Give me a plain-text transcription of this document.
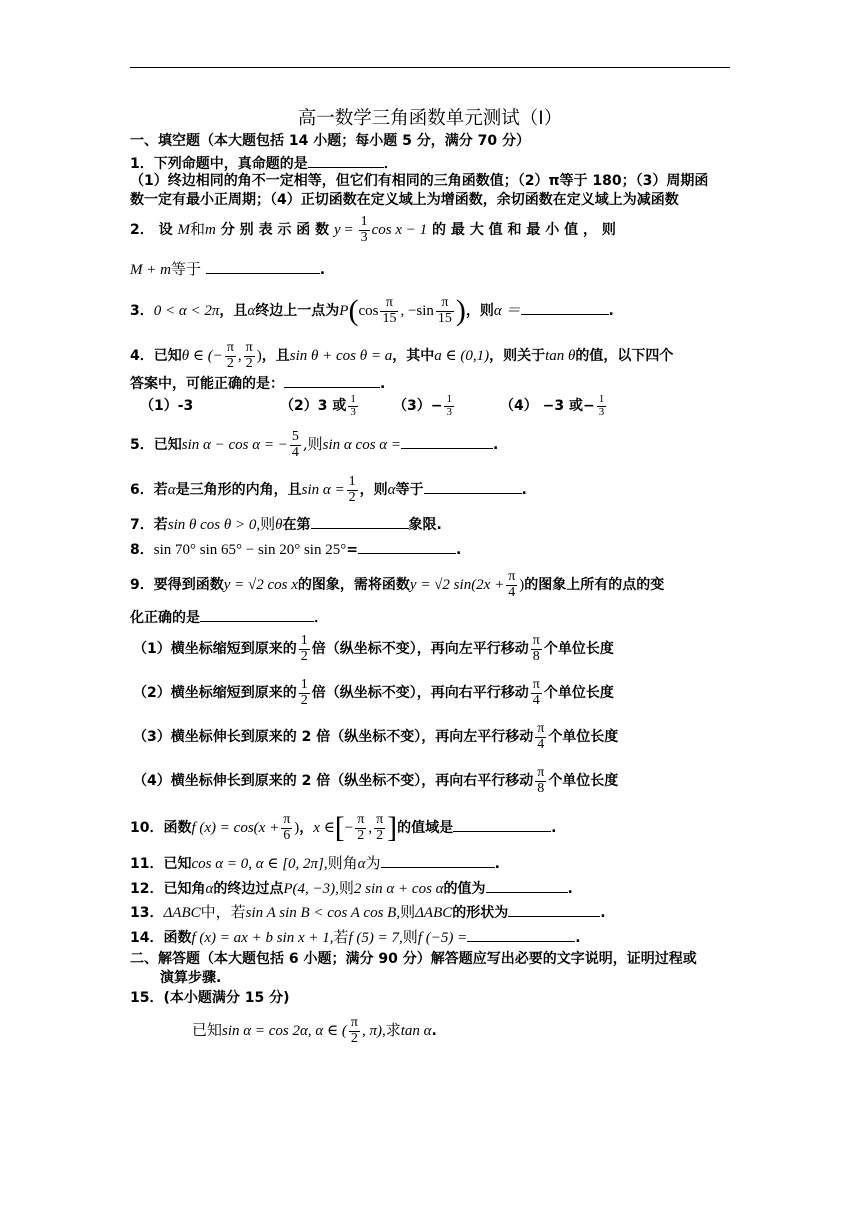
高一数学三角函数单元测试（Ⅰ）
一、填空题（本大题包括 14 小题；每小题 5 分，满分 70 分）
1．下列命题中，真命题的是	．
（1）终边相同的角不一定相等，但它们有相同的三角函数值；（2）π等于 180；（3）周期函
数一定有最小正周期；（4）正切函数在定义域上为增函数，余切函数在定义域上为减函数
2． 设 M和m 分 别 表 示 函 数 $y = \frac{1}{3}$ cos x − 1 的 最 大 值 和 最 小 值 ， 则
M + m等于	.
3．0 < α < 2π，且α终边上一点为$P(\cos \frac{\pi}{15}$ , $-\sin \frac{\pi}{15}$ )，则α ＝	.
4．已知θ ∈ (− $\frac{\pi}{2}$ , $\frac{\pi}{2}$ )，且sin θ + cos θ = a，其中a ∈ (0,1)，则关于tan θ的值，以下四个
答案中，可能正确的是：	.
（1）-3	（2）3 或 $\frac{1}{3}$	$(3)- \frac{1}{3}$	（4） −3 或− $\frac{1}{3}$
5．已知sin α − cos α = − $\frac{5}{4}$ ,则sin α cos α =	.
6．若α是三角形的内角，且$\sin \alpha = \frac{1}{2}$ ，则α等于	.
7．若sin θ cos θ > 0,则θ在第	象限.
8．sin 70° sin 65° − sin 20° sin 25°=	.
9．要得到函数y = √2 cos x的图象，需将函数y = √2 $\sin(2x + \frac{\pi}{4}$ )的图象上所有的点的变
化正确的是	．
（1）横坐标缩短到原来的 $\frac{1}{2}$ 倍（纵坐标不变），再向左平行移动 $\frac{\pi}{8}$ 个单位长度
（2）横坐标缩短到原来的 $\frac{1}{2}$ 倍（纵坐标不变），再向右平行移动 $\frac{\pi}{4}$ 个单位长度
（3）横坐标伸长到原来的 2 倍（纵坐标不变），再向左平行移动 $\frac{\pi}{4}$ 个单位长度
（4）横坐标伸长到原来的 2 倍（纵坐标不变），再向右平行移动 $\frac{\pi}{8}$ 个单位长度
10．函数f $(x) = \cos(x + \frac{\pi}{6}$ )，x ∈[− $\frac{\pi}{2}$ , $\frac{\pi}{2}$ ]的值域是	.
11．已知cos α = 0, α ∈ [0, 2π],则角α为	.
12．已知角α的终边过点P(4, −3),则2 sin α + cos α的值为	.
13．ΔABC中，若sin A sin B < cos A cos B,则ΔABC的形状为	.
14．函数f (x) = ax + b sin x + 1,若f (5) = 7,则f (−5) =	.
二、解答题（本大题包括 6 小题；满分 90 分）解答题应写出必要的文字说明，证明过程或
演算步骤.
15．(本小题满分 15 分)
已知sin α = cos 2α, α ∈ ( $\frac{\pi}{2}$ , π),求tan α.
